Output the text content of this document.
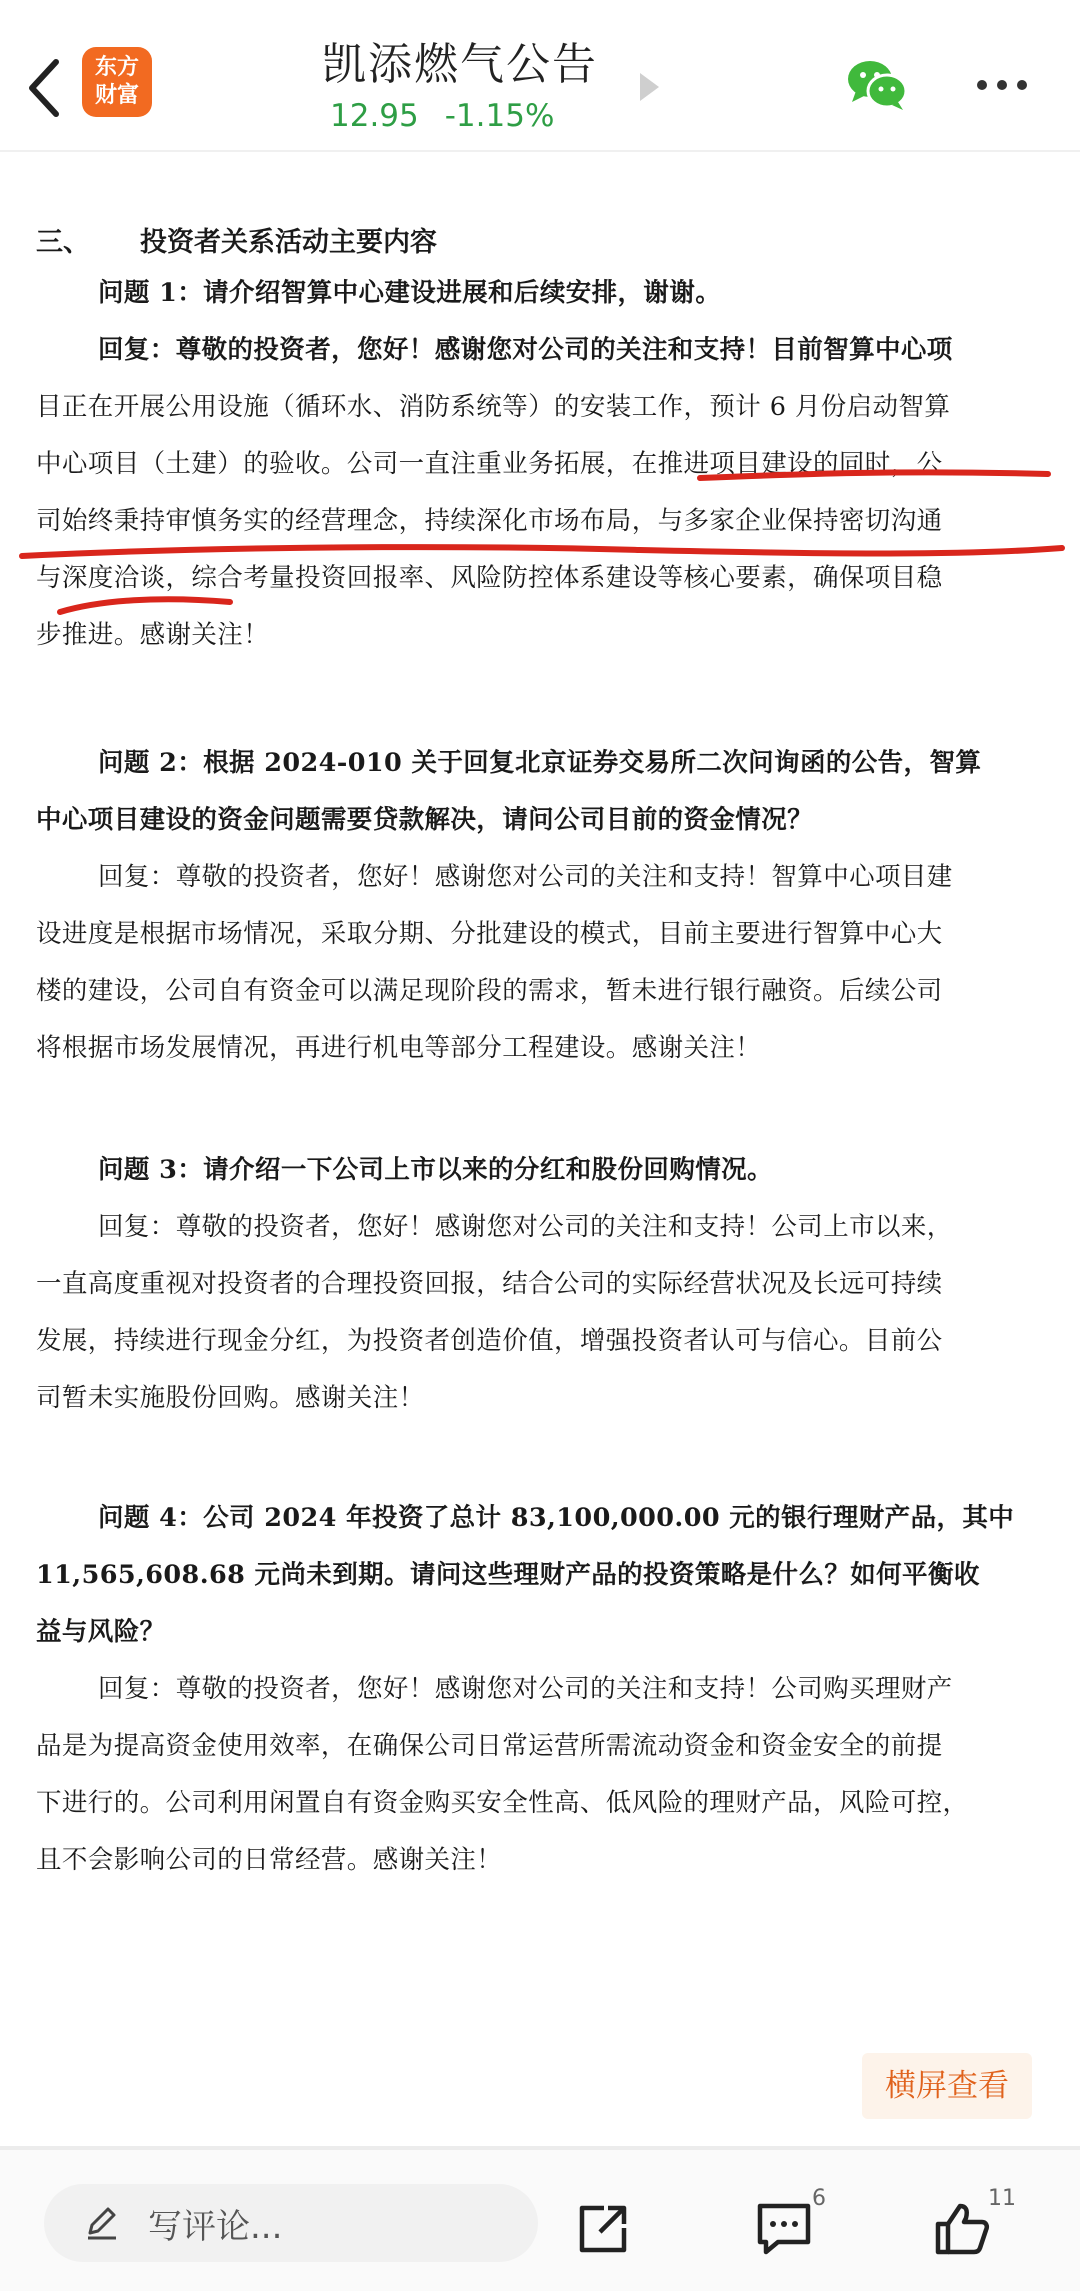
东方
财富
凯添燃气公告
12.95 -1.15%
三、 投资者关系活动主要内容
问题 1：请介绍智算中心建设进展和后续安排，谢谢。
回复：尊敬的投资者，您好！感谢您对公司的关注和支持！目前智算中心项
目正在开展公用设施（循环水、消防系统等）的安装工作，预计 6 月份启动智算
中心项目（土建）的验收。公司一直注重业务拓展，在推进项目建设的同时，公
司始终秉持审慎务实的经营理念，持续深化市场布局，与多家企业保持密切沟通
与深度洽谈，综合考量投资回报率、风险防控体系建设等核心要素，确保项目稳
步推进。感谢关注！
问题 2：根据 2024-010 关于回复北京证券交易所二次问询函的公告，智算
中心项目建设的资金问题需要贷款解决，请问公司目前的资金情况？
回复：尊敬的投资者，您好！感谢您对公司的关注和支持！智算中心项目建
设进度是根据市场情况，采取分期、分批建设的模式，目前主要进行智算中心大
楼的建设，公司自有资金可以满足现阶段的需求，暂未进行银行融资。后续公司
将根据市场发展情况，再进行机电等部分工程建设。感谢关注！
问题 3：请介绍一下公司上市以来的分红和股份回购情况。
回复：尊敬的投资者，您好！感谢您对公司的关注和支持！公司上市以来，
一直高度重视对投资者的合理投资回报，结合公司的实际经营状况及长远可持续
发展，持续进行现金分红，为投资者创造价值，增强投资者认可与信心。目前公
司暂未实施股份回购。感谢关注！
问题 4：公司 2024 年投资了总计 83,100,000.00 元的银行理财产品，其中
11,565,608.68 元尚未到期。请问这些理财产品的投资策略是什么？如何平衡收
益与风险？
回复：尊敬的投资者，您好！感谢您对公司的关注和支持！公司购买理财产
品是为提高资金使用效率，在确保公司日常运营所需流动资金和资金安全的前提
下进行的。公司利用闲置自有资金购买安全性高、低风险的理财产品，风险可控，
且不会影响公司的日常经营。感谢关注！
横屏查看
写评论...
6	11
